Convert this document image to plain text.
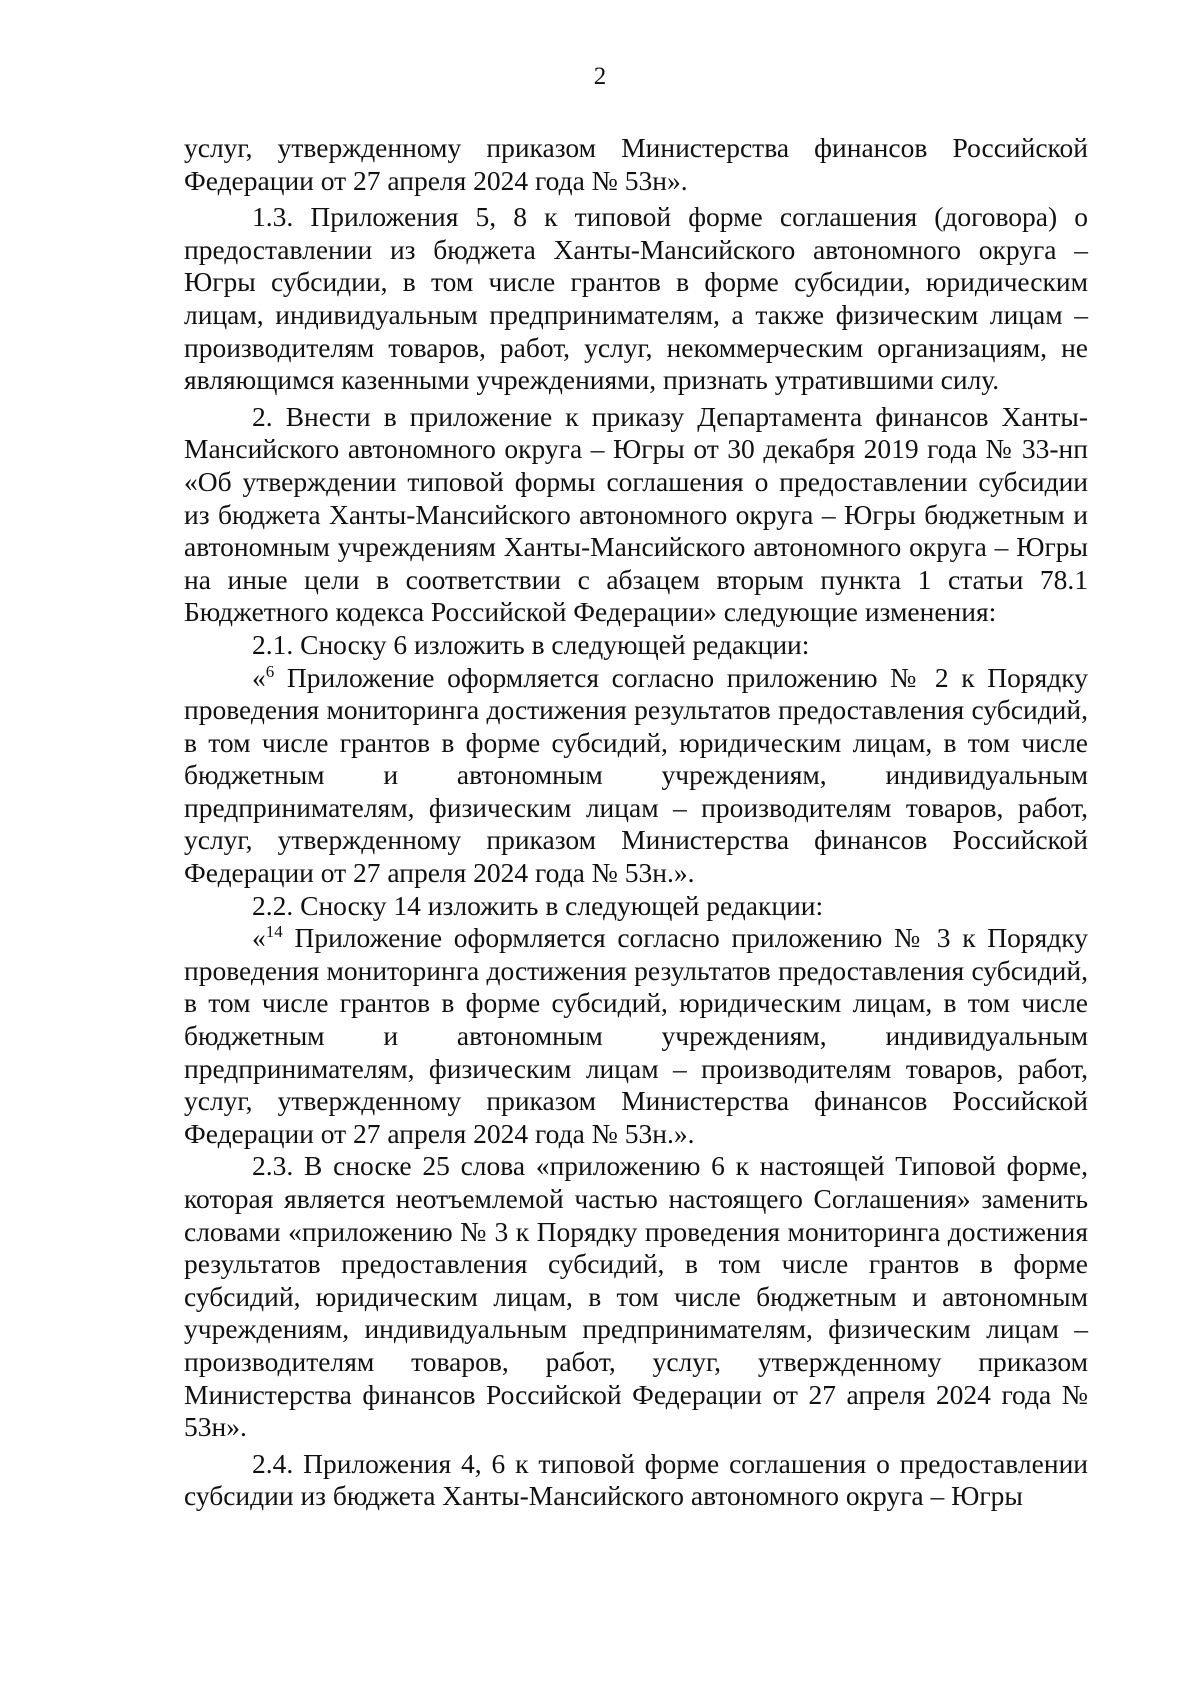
2

услуг, утвержденному приказом Министерства финансов Российской Федерации от 27 апреля 2024 года № 53н».

1.3. Приложения 5, 8 к типовой форме соглашения (договора) о предоставлении из бюджета Ханты-Мансийского автономного округа – Югры субсидии, в том числе грантов в форме субсидии, юридическим лицам, индивидуальным предпринимателям, а также физическим лицам – производителям товаров, работ, услуг, некоммерческим организациям, не являющимся казенными учреждениями, признать утратившими силу.

2. Внести в приложение к приказу Департамента финансов Ханты-Мансийского автономного округа – Югры от 30 декабря 2019 года № 33-нп «Об утверждении типовой формы соглашения о предоставлении субсидии из бюджета Ханты-Мансийского автономного округа – Югры бюджетным и автономным учреждениям Ханты-Мансийского автономного округа – Югры на иные цели в соответствии с абзацем вторым пункта 1 статьи 78.1 Бюджетного кодекса Российской Федерации» следующие изменения:

2.1. Сноску 6 изложить в следующей редакции:

«$^6$ Приложение оформляется согласно приложению № 2 к Порядку проведения мониторинга достижения результатов предоставления субсидий, в том числе грантов в форме субсидий, юридическим лицам, в том числе бюджетным и автономным учреждениям, индивидуальным предпринимателям, физическим лицам – производителям товаров, работ, услуг, утвержденному приказом Министерства финансов Российской Федерации от 27 апреля 2024 года № 53н.».

2.2. Сноску 14 изложить в следующей редакции:

«$^{14}$ Приложение оформляется согласно приложению № 3 к Порядку проведения мониторинга достижения результатов предоставления субсидий, в том числе грантов в форме субсидий, юридическим лицам, в том числе бюджетным и автономным учреждениям, индивидуальным предпринимателям, физическим лицам – производителям товаров, работ, услуг, утвержденному приказом Министерства финансов Российской Федерации от 27 апреля 2024 года № 53н.».

2.3. В сноске 25 слова «приложению 6 к настоящей Типовой форме, которая является неотъемлемой частью настоящего Соглашения» заменить словами «приложению № 3 к Порядку проведения мониторинга достижения результатов предоставления субсидий, в том числе грантов в форме субсидий, юридическим лицам, в том числе бюджетным и автономным учреждениям, индивидуальным предпринимателям, физическим лицам – производителям товаров, работ, услуг, утвержденному приказом Министерства финансов Российской Федерации от 27 апреля 2024 года № 53н».

2.4. Приложения 4, 6 к типовой форме соглашения о предоставлении субсидии из бюджета Ханты-Мансийского автономного округа – Югры
